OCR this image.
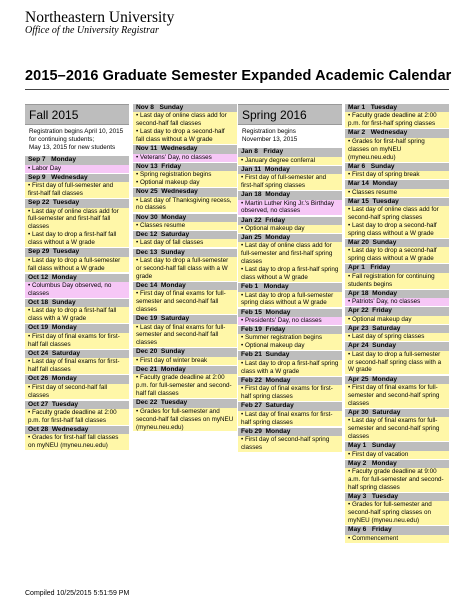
Northeastern University
Office of the University Registrar
2015–2016 Graduate Semester Expanded Academic Calendar
Fall 2015
Registration begins April 10, 2015
for continuing students;
May 13, 2015 for new students
Sep 7   Monday
• Labor Day
Sep 9   Wednesday
• First day of full-semester and first-half fall classes
Sep 22  Tuesday
• Last day of online class add for full-semester and first-half fall classes
• Last day to drop a first-half fall class without a W grade
Sep 29  Tuesday
• Last day to drop a full-semester fall class without a W grade
Oct 12  Monday
• Columbus Day observed, no classes
Oct 18  Sunday
• Last day to drop a first-half fall class with a W grade
Oct 19  Monday
• First day of final exams for first-half fall classes
Oct 24  Saturday
• Last day of final exams for first-half fall classes
Oct 26  Monday
• First day of second-half fall classes
Oct 27  Tuesday
• Faculty grade deadline at 2:00 p.m. for first-half fall classes
Oct 28  Wednesday
• Grades for first-half fall classes on myNEU (myneu.neu.edu)
Nov 8   Sunday
• Last day of online class add for second-half fall classes
• Last day to drop a second-half fall class without a W grade
Nov 11  Wednesday
• Veterans' Day, no classes
Nov 13  Friday
• Spring registration begins
• Optional makeup day
Nov 25  Wednesday
• Last day of Thanksgiving recess, no classes
Nov 30  Monday
• Classes resume
Dec 12  Saturday
• Last day of fall classes
Dec 13  Sunday
• Last day to drop a full-semester or second-half fall class with a W grade
Dec 14  Monday
• First day of final exams for full-semester and second-half fall classes
Dec 19  Saturday
• Last day of final exams for full-semester and second-half fall classes
Dec 20  Sunday
• First day of winter break
Dec 21  Monday
• Faculty grade deadline at 2:00 p.m. for full-semester and second-half fall classes
Dec 22  Tuesday
• Grades for full-semester and second-half fall classes on myNEU (myneu.neu.edu)
Spring 2016
Registration begins
November 13, 2015
Jan 8   Friday
• January degree conferral
Jan 11  Monday
• First day of full-semester and first-half spring classes
Jan 18  Monday
• Martin Luther King Jr.'s Birthday observed, no classes
Jan 22  Friday
• Optional makeup day
Jan 25  Monday
• Last day of online class add for full-semester and first-half spring classes
• Last day to drop a first-half spring class without a W grade
Feb 1   Monday
• Last day to drop a full-semester spring class without a W grade
Feb 15  Monday
• Presidents' Day, no classes
Feb 19  Friday
• Summer registration begins
• Optional makeup day
Feb 21  Sunday
• Last day to drop a first-half spring class with a W grade
Feb 22  Monday
• First day of final exams for first-half spring classes
Feb 27  Saturday
• Last day of final exams for first-half spring classes
Feb 29  Monday
• First day of second-half spring classes
Mar 1   Tuesday
• Faculty grade deadline at 2:00 p.m. for first-half spring classes
Mar 2   Wednesday
• Grades for first-half spring classes on myNEU (myneu.neu.edu)
Mar 6   Sunday
• First day of spring break
Mar 14  Monday
• Classes resume
Mar 15  Tuesday
• Last day of online class add for second-half spring classes
• Last day to drop a second-half spring class without a W grade
Mar 20  Sunday
• Last day to drop a second-half spring class without a W grade
Apr 1   Friday
• Fall registration for continuing students begins
Apr 18  Monday
• Patriots' Day, no classes
Apr 22  Friday
• Optional makeup day
Apr 23  Saturday
• Last day of spring classes
Apr 24  Sunday
• Last day to drop a full-semester or second-half spring class with a W grade
Apr 25  Monday
• First day of final exams for full-semester and second-half spring classes
Apr 30  Saturday
• Last day of final exams for full-semester and second-half spring classes
May 1   Sunday
• First day of vacation
May 2   Monday
• Faculty grade deadline at 9:00 a.m. for full-semester and second-half spring classes
May 3   Tuesday
• Grades for full-semester and second-half spring classes on myNEU (myneu.neu.edu)
May 6   Friday
• Commencement
Compiled 10/25/2015 5:51:59 PM
